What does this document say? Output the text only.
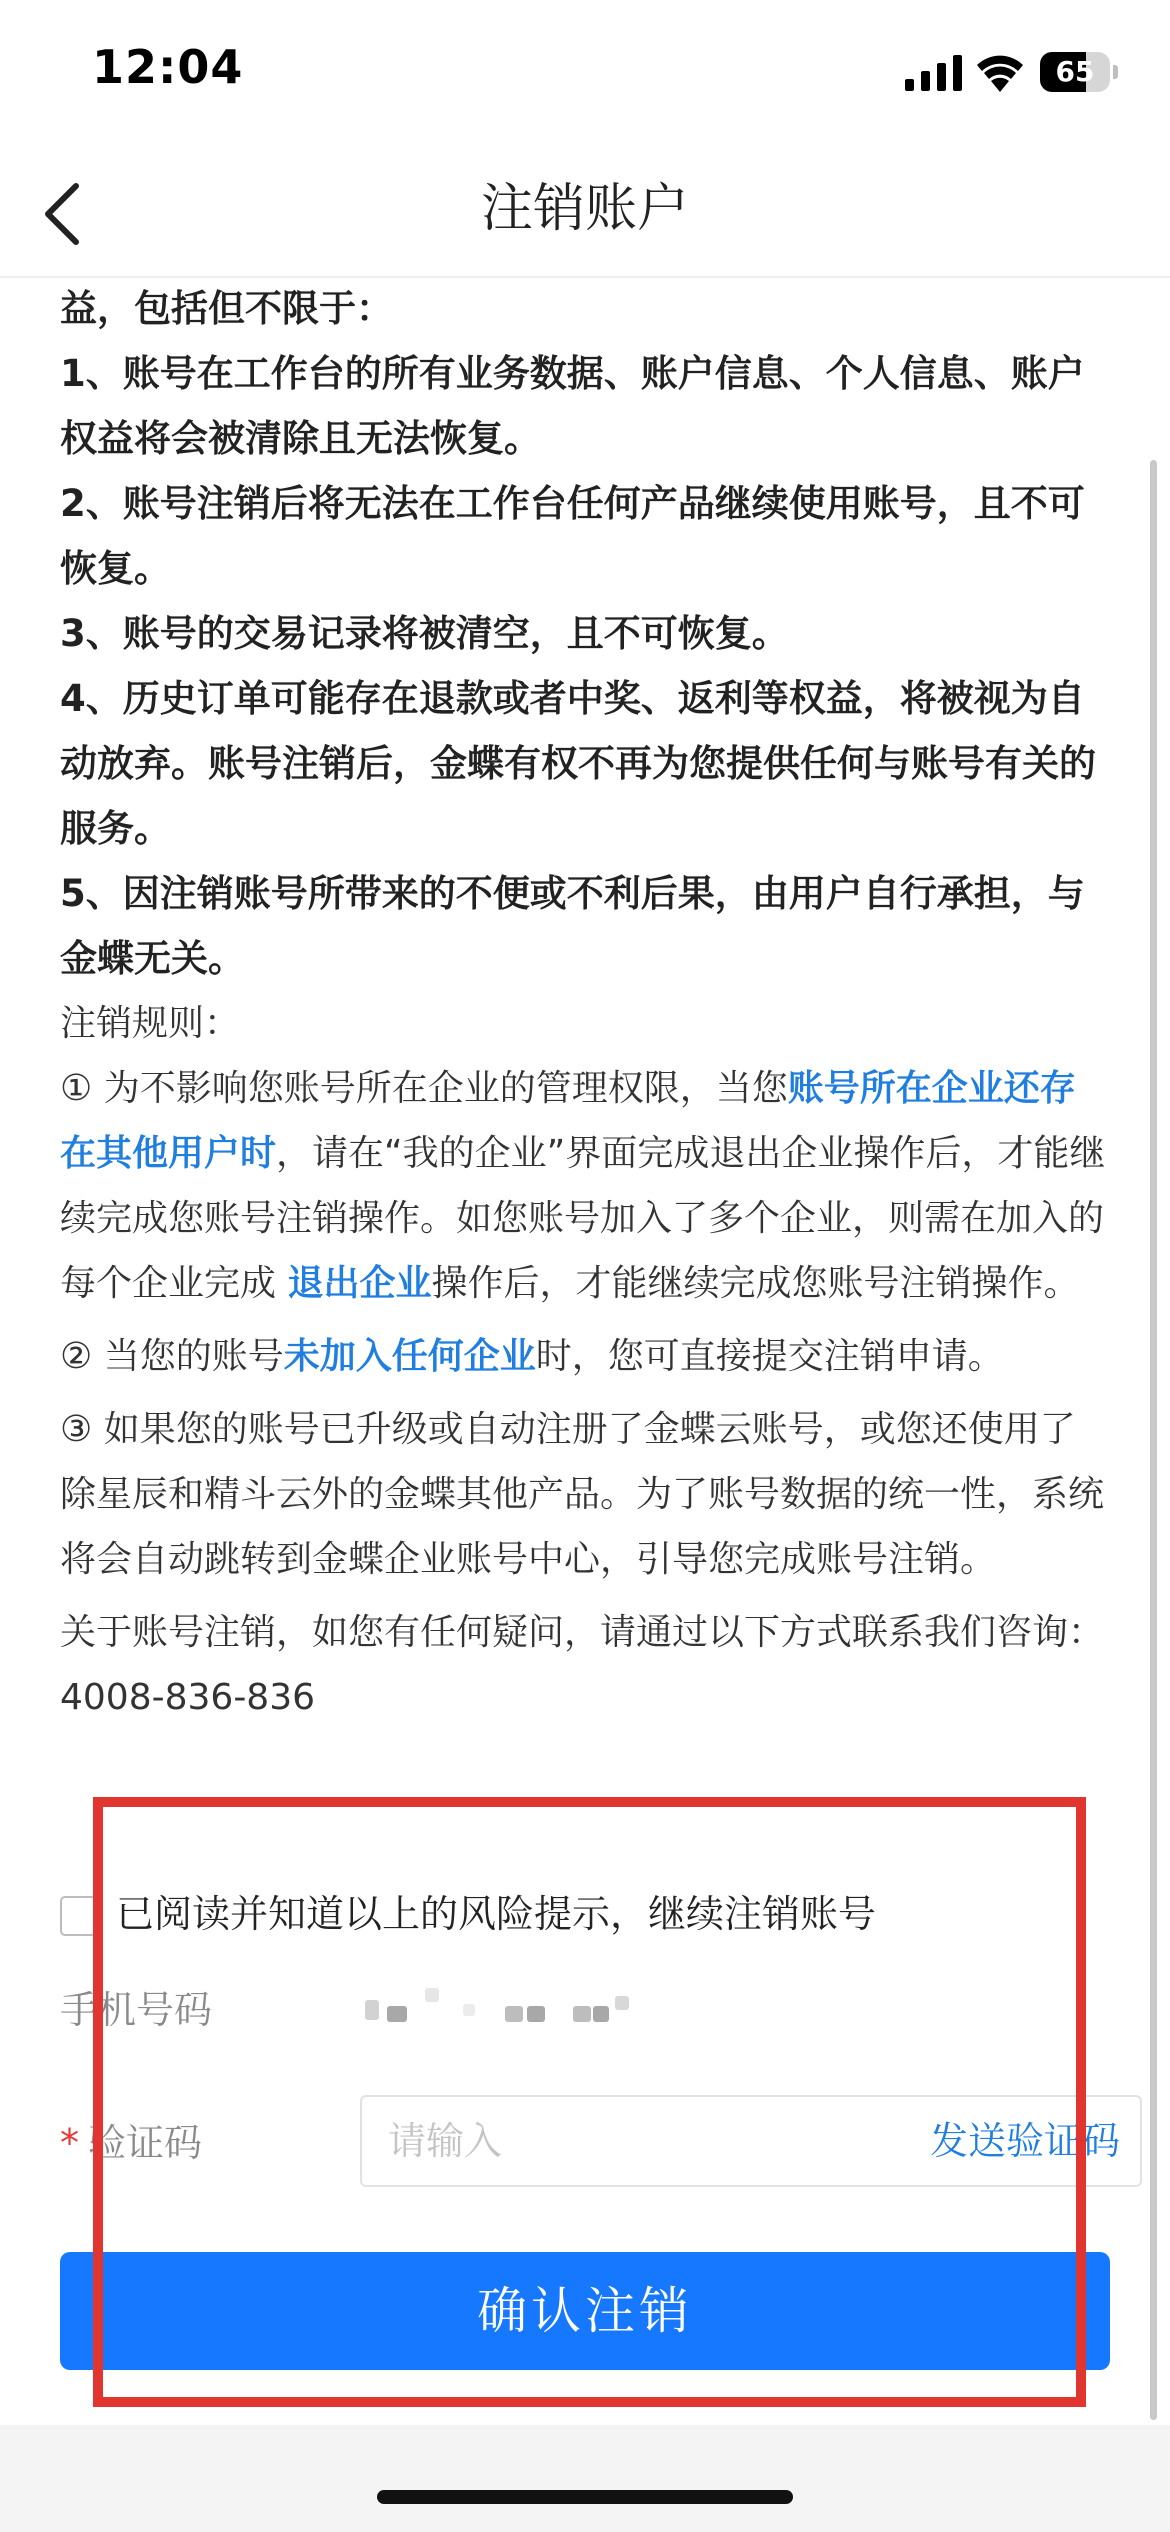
12:04	65
注销账户

益，包括但不限于：

1、账号在工作台的所有业务数据、账户信息、个人信息、账户权益将会被清除且无法恢复。

2、账号注销后将无法在工作台任何产品继续使用账号，且不可恢复。

3、账号的交易记录将被清空，且不可恢复。

4、历史订单可能存在退款或者中奖、返利等权益，将被视为自动放弃。账号注销后，金蝶有权不再为您提供任何与账号有关的服务。

5、因注销账号所带来的不便或不利后果，由用户自行承担，与金蝶无关。

注销规则：

① 为不影响您账号所在企业的管理权限，当您账号所在企业还存在其他用户时，请在“我的企业”界面完成退出企业操作后，才能继续完成您账号注销操作。如您账号加入了多个企业，则需在加入的每个企业完成 退出企业操作后，才能继续完成您账号注销操作。

② 当您的账号未加入任何企业时，您可直接提交注销申请。

③ 如果您的账号已升级或自动注册了金蝶云账号，或您还使用了除星辰和精斗云外的金蝶其他产品。为了账号数据的统一性，系统将会自动跳转到金蝶企业账号中心，引导您完成账号注销。

关于账号注销，如您有任何疑问，请通过以下方式联系我们咨询：4008-836-836

已阅读并知道以上的风险提示，继续注销账号
手机号码
* 验证码
请输入	发送验证码
确认注销
